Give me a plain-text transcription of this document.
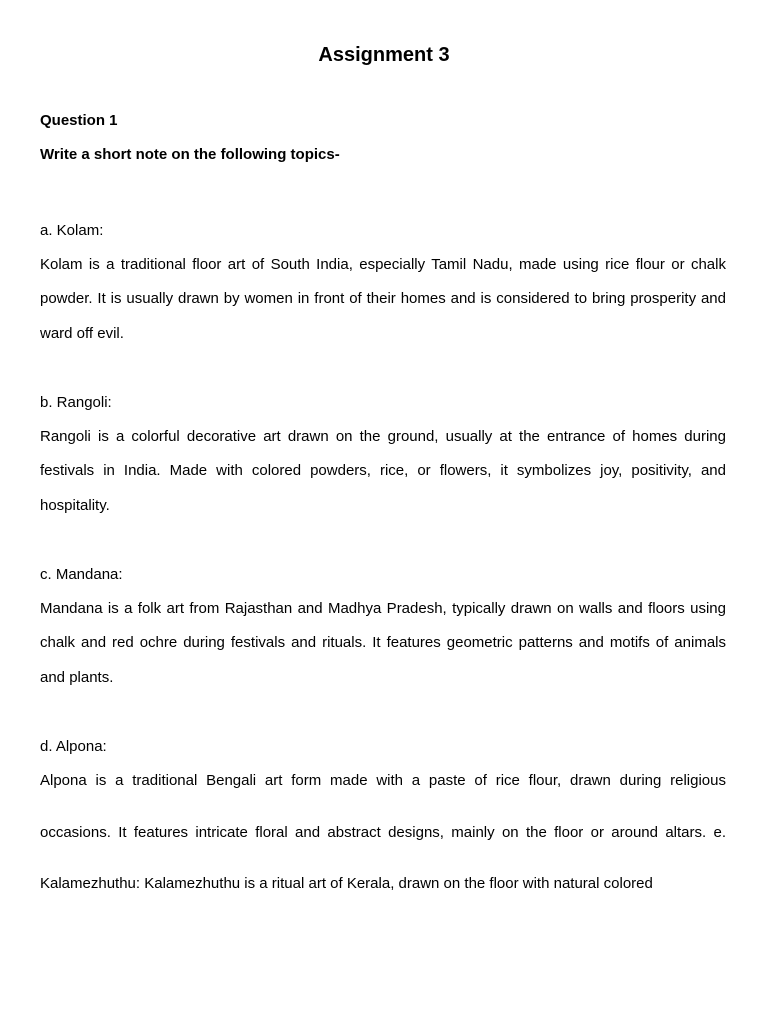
Assignment 3
Question 1
Write a short note on the following topics-
a. Kolam:

Kolam is a traditional floor art of South India, especially Tamil Nadu, made using rice flour or chalk powder. It is usually drawn by women in front of their homes and is considered to bring prosperity and ward off evil.

b. Rangoli:

Rangoli is a colorful decorative art drawn on the ground, usually at the entrance of homes during festivals in India. Made with colored powders, rice, or flowers, it symbolizes joy, positivity, and hospitality.

c. Mandana:

Mandana is a folk art from Rajasthan and Madhya Pradesh, typically drawn on walls and floors using chalk and red ochre during festivals and rituals. It features geometric patterns and motifs of animals and plants.

d. Alpona:

Alpona is a traditional Bengali art form made with a paste of rice flour, drawn during religious occasions. It features intricate floral and abstract designs, mainly on the floor or around altars. e. Kalamezhuthu: Kalamezhuthu is a ritual art of Kerala, drawn on the floor with natural colored
